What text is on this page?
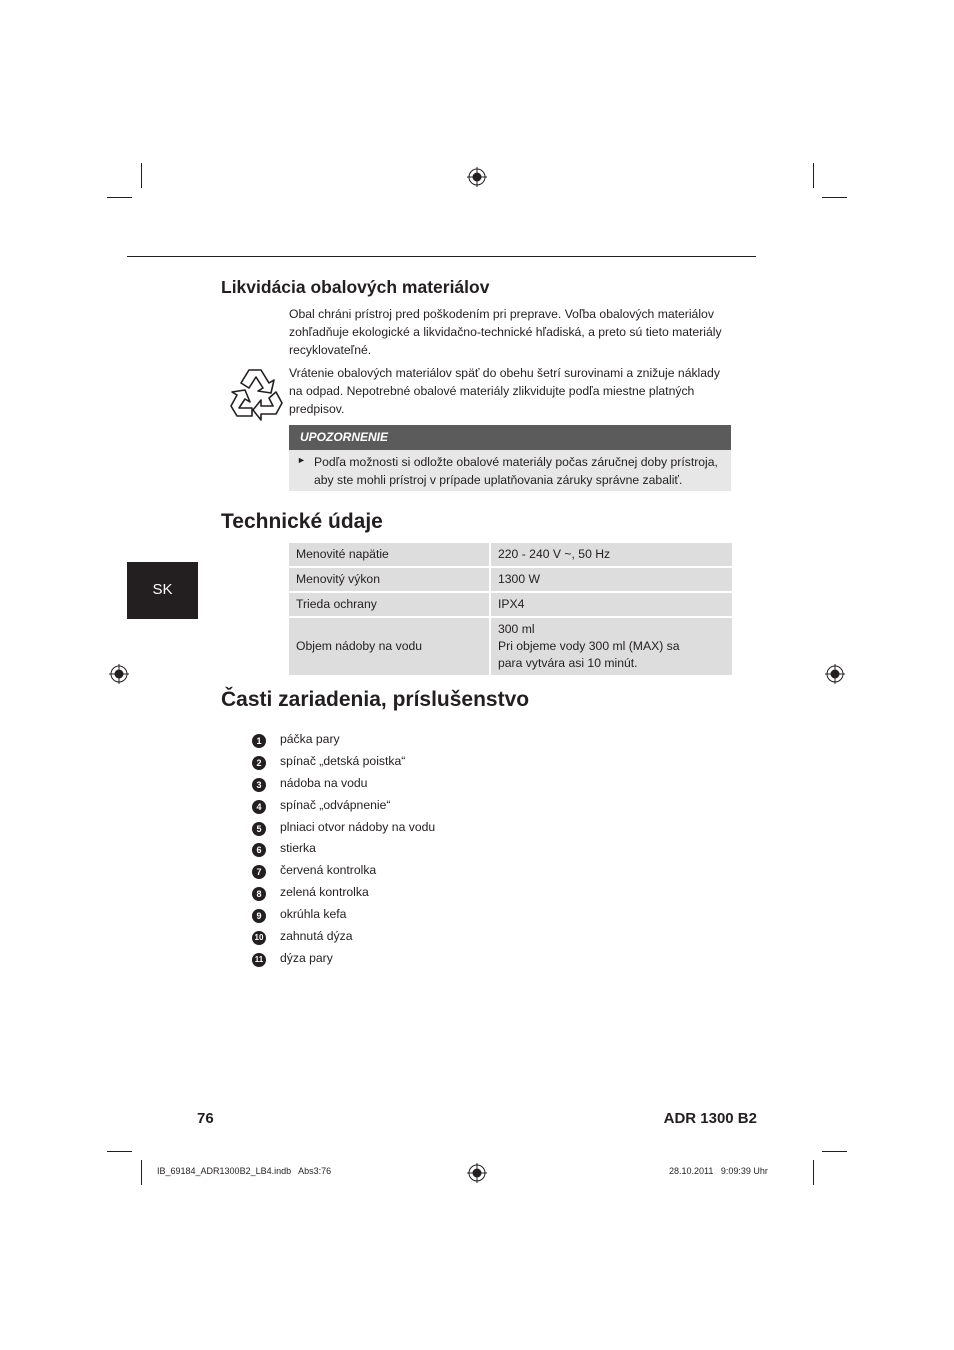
Likvidácia obalových materiálov

Obal chráni prístroj pred poškodením pri preprave. Voľba obalových materiálov zohľadňuje ekologické a likvidačno-technické hľadiská, a preto sú tieto materiály recyklovateľné.

Vrátenie obalových materiálov späť do obehu šetrí surovinami a znižuje náklady na odpad. Nepotrebné obalové materiály zlikvidujte podľa miestne platných predpisov.

UPOZORNENIE
► Podľa možnosti si odložte obalové materiály počas záručnej doby prístroja, aby ste mohli prístroj v prípade uplatňovania záruky správne zabaliť.
Technické údaje
SK
Menovité napätie	220 - 240 V ~, 50 Hz
Menovitý výkon	1300 W
Trieda ochrany	IPX4
Objem nádoby na vodu	300 ml
Pri objeme vody 300 ml (MAX) sa
para vytvára asi 10 minút.
Časti zariadenia, príslušenstvo
1	páčka pary
2	spínač „detská poistka“
3	nádoba na vodu
4	spínač „odvápnenie“
5	plniaci otvor nádoby na vodu
6	stierka
7	červená kontrolka
8	zelená kontrolka
9	okrúhla kefa
10 zahnutá dýza
11 dýza pary
76	ADR 1300 B2
IB_69184_ADR1300B2_LB4.indb   Abs3:76	28.10.2011   9:09:39 Uhr
